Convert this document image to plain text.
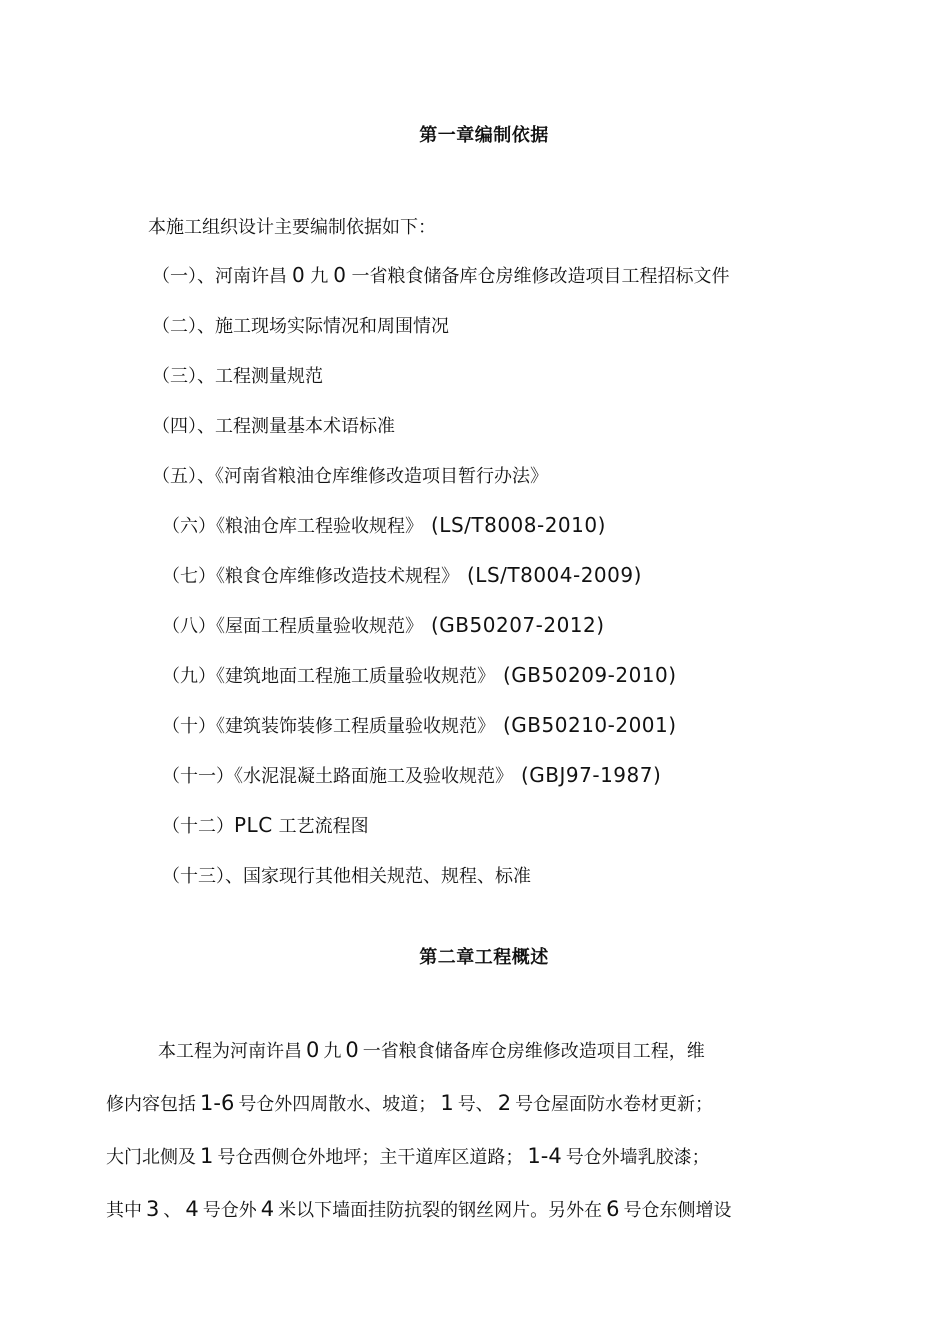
第一章编制依据
本施工组织设计主要编制依据如下：
（一）、河南许昌 0 九 0 一省粮食储备库仓房维修改造项目工程招标文件
（二）、施工现场实际情况和周围情况
（三）、工程测量规范
（四）、工程测量基本术语标准
（五）、《河南省粮油仓库维修改造项目暂行办法》
（六）《粮油仓库工程验收规程》 (LS/T8008-2010)
（七）《粮食仓库维修改造技术规程》 (LS/T8004-2009)
（八）《屋面工程质量验收规范》 (GB50207-2012)
（九）《建筑地面工程施工质量验收规范》 (GB50209-2010)
（十）《建筑装饰装修工程质量验收规范》 (GB50210-2001)
（十一）《水泥混凝土路面施工及验收规范》 (GBJ97-1987)
（十二）PLC 工艺流程图
（十三）、国家现行其他相关规范、规程、标准
第二章工程概述
本工程为河南许昌 0 九 0 一省粮食储备库仓房维修改造项目工程，维
修内容包括 1-6 号仓外四周散水、坡道； 1 号、 2 号仓屋面防水卷材更新；
大门北侧及 1 号仓西侧仓外地坪；主干道库区道路； 1-4 号仓外墙乳胶漆；
其中 3 、 4 号仓外 4 米以下墙面挂防抗裂的钢丝网片。另外在 6 号仓东侧增设
